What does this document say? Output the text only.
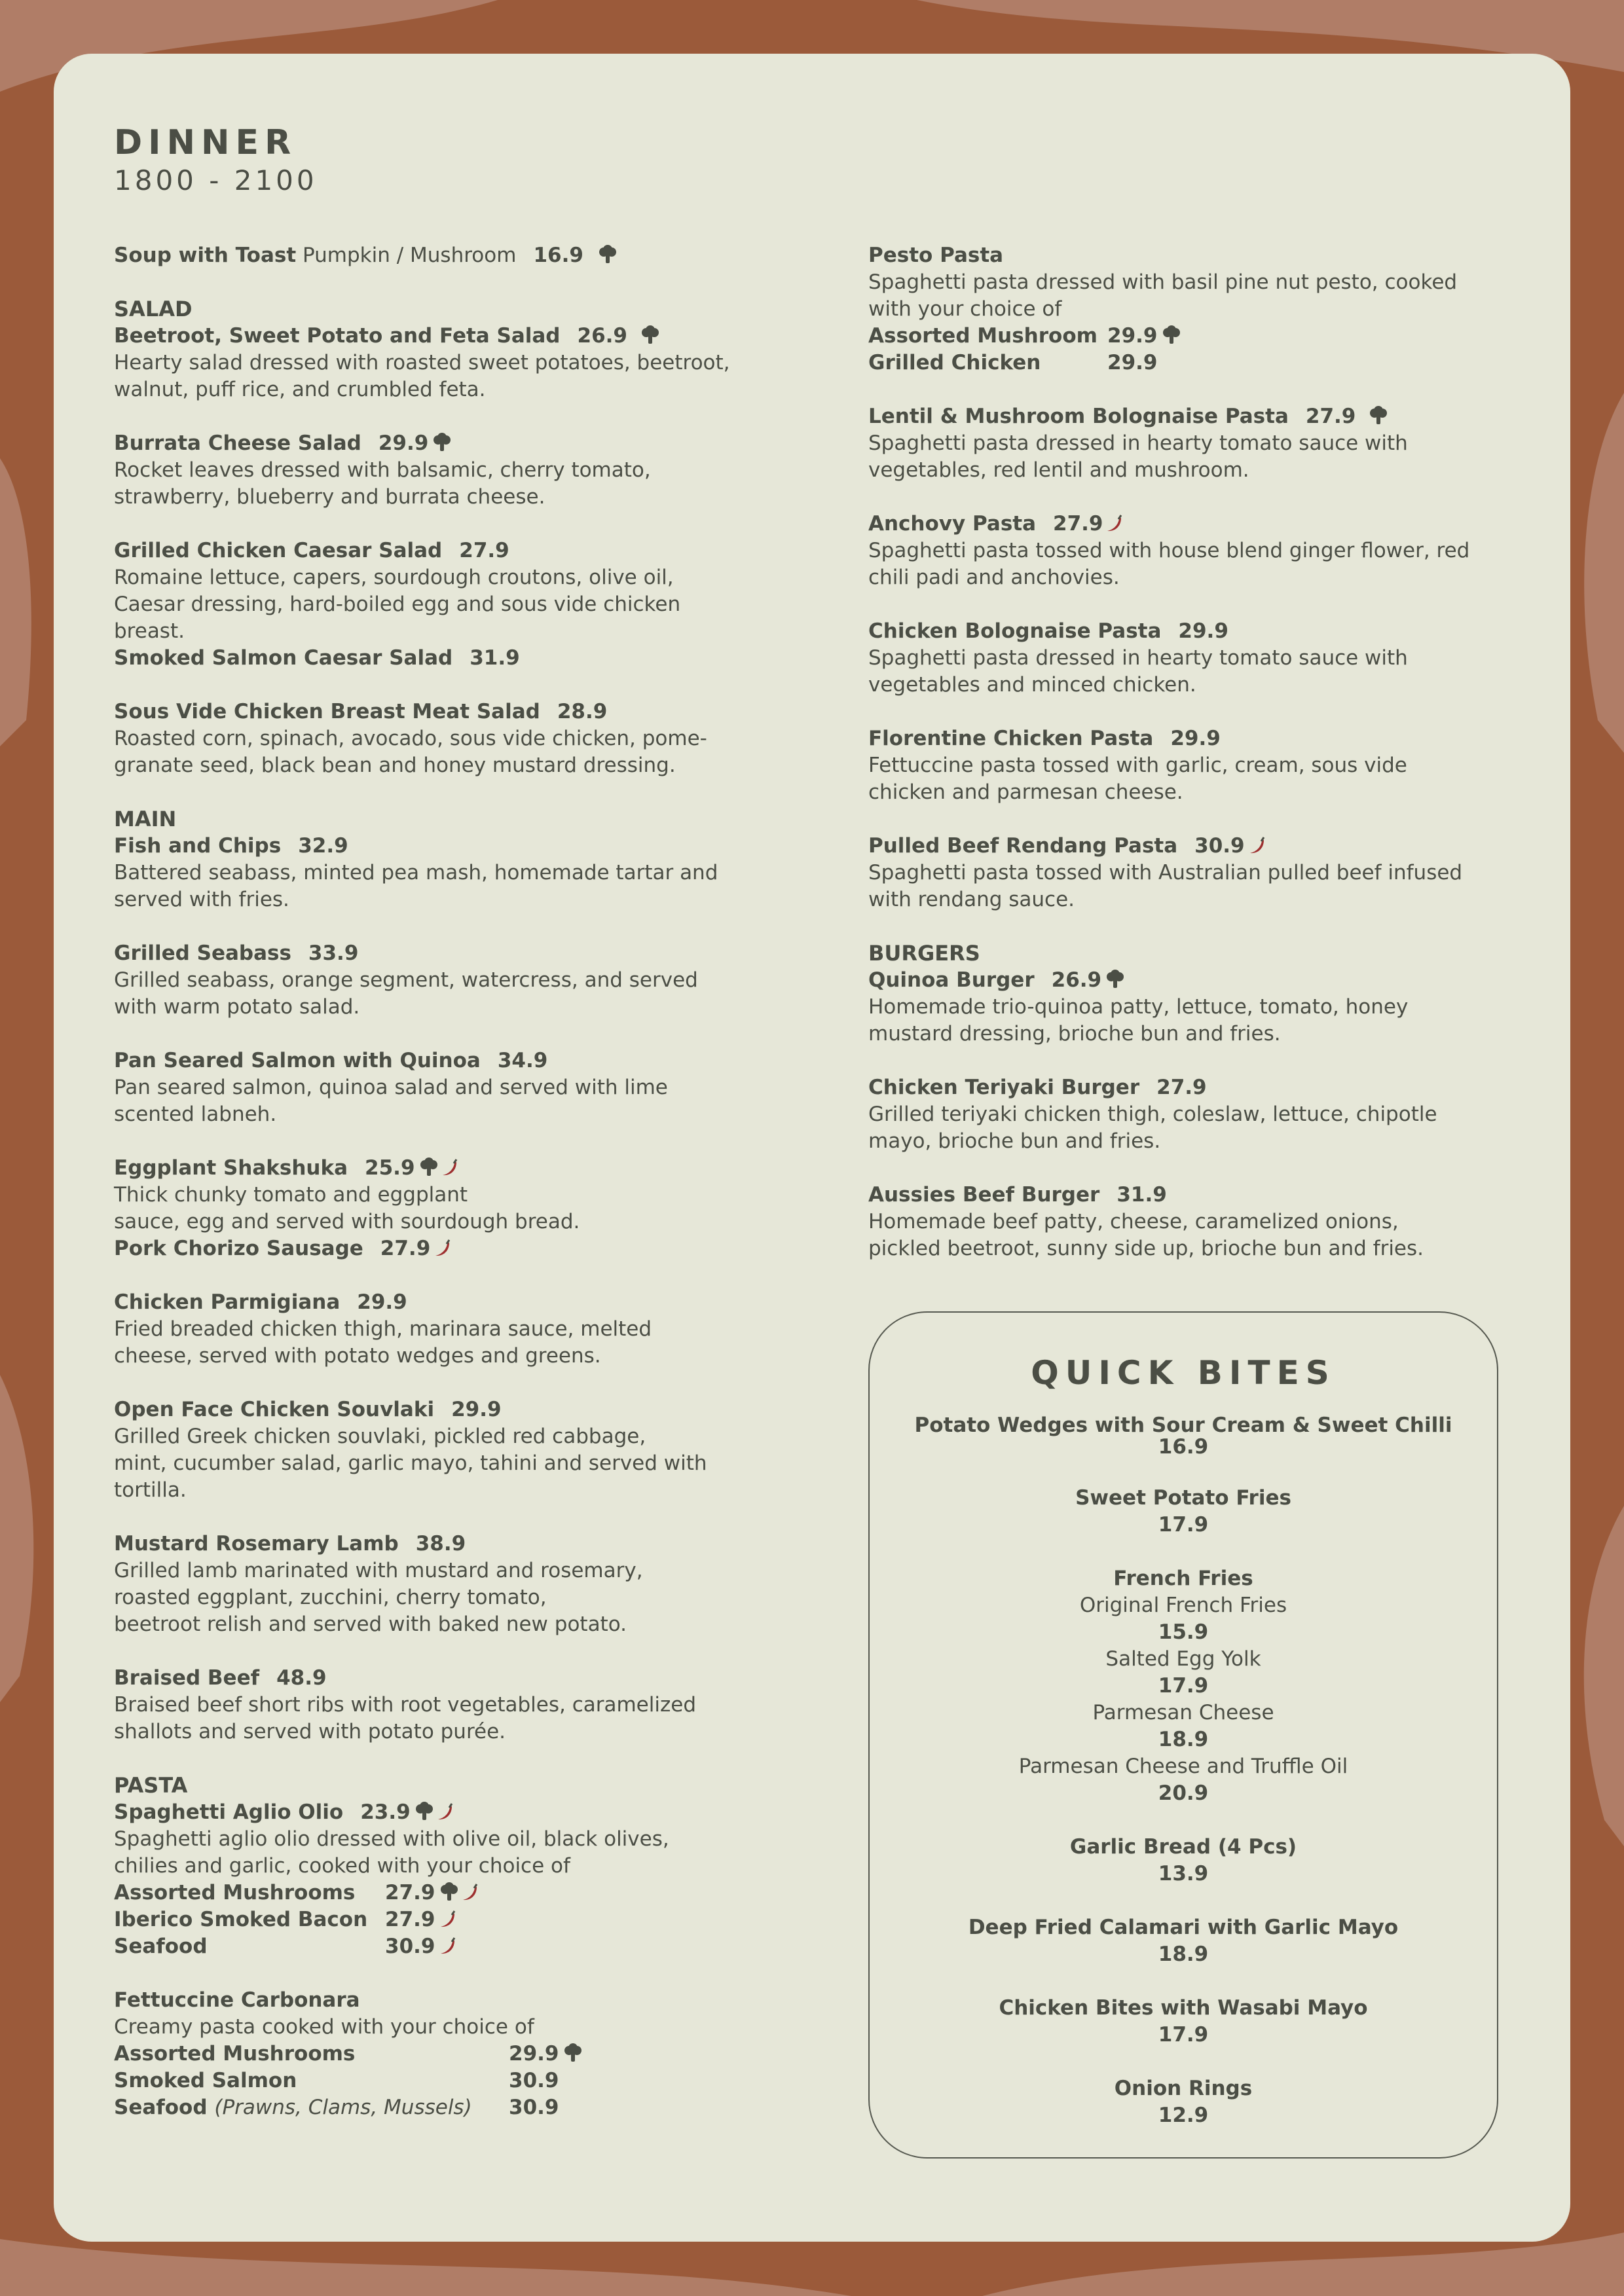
DINNER
1800 - 2100

Soup with Toast Pumpkin / Mushroom 16.9

SALAD

Beetroot, Sweet Potato and Feta Salad 26.9

Hearty salad dressed with roasted sweet potatoes, beetroot,

walnut, puff rice, and crumbled feta.

Burrata Cheese Salad 29.9

Rocket leaves dressed with balsamic, cherry tomato,

strawberry, blueberry and burrata cheese.

Grilled Chicken Caesar Salad 27.9

Romaine lettuce, capers, sourdough croutons, olive oil,

Caesar dressing, hard-boiled egg and sous vide chicken

breast.

Smoked Salmon Caesar Salad 31.9

Sous Vide Chicken Breast Meat Salad 28.9

Roasted corn, spinach, avocado, sous vide chicken, pome-

granate seed, black bean and honey mustard dressing.

MAIN

Fish and Chips 32.9

Battered seabass, minted pea mash, homemade tartar and

served with fries.

Grilled Seabass 33.9

Grilled seabass, orange segment, watercress, and served

with warm potato salad.

Pan Seared Salmon with Quinoa 34.9

Pan seared salmon, quinoa salad and served with lime

scented labneh.

Eggplant Shakshuka 25.9

Thick chunky tomato and eggplant

sauce, egg and served with sourdough bread.

Pork Chorizo Sausage 27.9

Chicken Parmigiana 29.9

Fried breaded chicken thigh, marinara sauce, melted

cheese, served with potato wedges and greens.

Open Face Chicken Souvlaki 29.9

Grilled Greek chicken souvlaki, pickled red cabbage,

mint, cucumber salad, garlic mayo, tahini and served with

tortilla.

Mustard Rosemary Lamb 38.9

Grilled lamb marinated with mustard and rosemary,

roasted eggplant, zucchini, cherry tomato,

beetroot relish and served with baked new potato.

Braised Beef 48.9

Braised beef short ribs with root vegetables, caramelized

shallots and served with potato purée.

PASTA

Spaghetti Aglio Olio 23.9

Spaghetti aglio olio dressed with olive oil, black olives,

chilies and garlic, cooked with your choice of

Assorted Mushrooms 27.9

Iberico Smoked Bacon 27.9

Seafood	30.9

Fettuccine Carbonara

Creamy pasta cooked with your choice of

Assorted Mushrooms	29.9

Smoked Salmon	30.9

Seafood (Prawns, Clams, Mussels) 30.9

Pesto Pasta

Spaghetti pasta dressed with basil pine nut pesto, cooked

with your choice of

Assorted Mushroom 29.9

Grilled Chicken	29.9

Lentil & Mushroom Bolognaise Pasta 27.9

Spaghetti pasta dressed in hearty tomato sauce with

vegetables, red lentil and mushroom.

Anchovy Pasta 27.9

Spaghetti pasta tossed with house blend ginger flower, red

chili padi and anchovies.

Chicken Bolognaise Pasta 29.9

Spaghetti pasta dressed in hearty tomato sauce with

vegetables and minced chicken.

Florentine Chicken Pasta 29.9

Fettuccine pasta tossed with garlic, cream, sous vide

chicken and parmesan cheese.

Pulled Beef Rendang Pasta 30.9

Spaghetti pasta tossed with Australian pulled beef infused

with rendang sauce.

BURGERS

Quinoa Burger 26.9

Homemade trio-quinoa patty, lettuce, tomato, honey

mustard dressing, brioche bun and fries.

Chicken Teriyaki Burger 27.9

Grilled teriyaki chicken thigh, coleslaw, lettuce, chipotle

mayo, brioche bun and fries.

Aussies Beef Burger 31.9

Homemade beef patty, cheese, caramelized onions,

pickled beetroot, sunny side up, brioche bun and fries.

QUICK BITES

Potato Wedges with Sour Cream & Sweet Chilli

16.9

Sweet Potato Fries

17.9

French Fries

Original French Fries

15.9

Salted Egg Yolk

17.9

Parmesan Cheese

18.9

Parmesan Cheese and Truffle Oil

20.9

Garlic Bread (4 Pcs)

13.9

Deep Fried Calamari with Garlic Mayo

18.9

Chicken Bites with Wasabi Mayo

17.9

Onion Rings

12.9
